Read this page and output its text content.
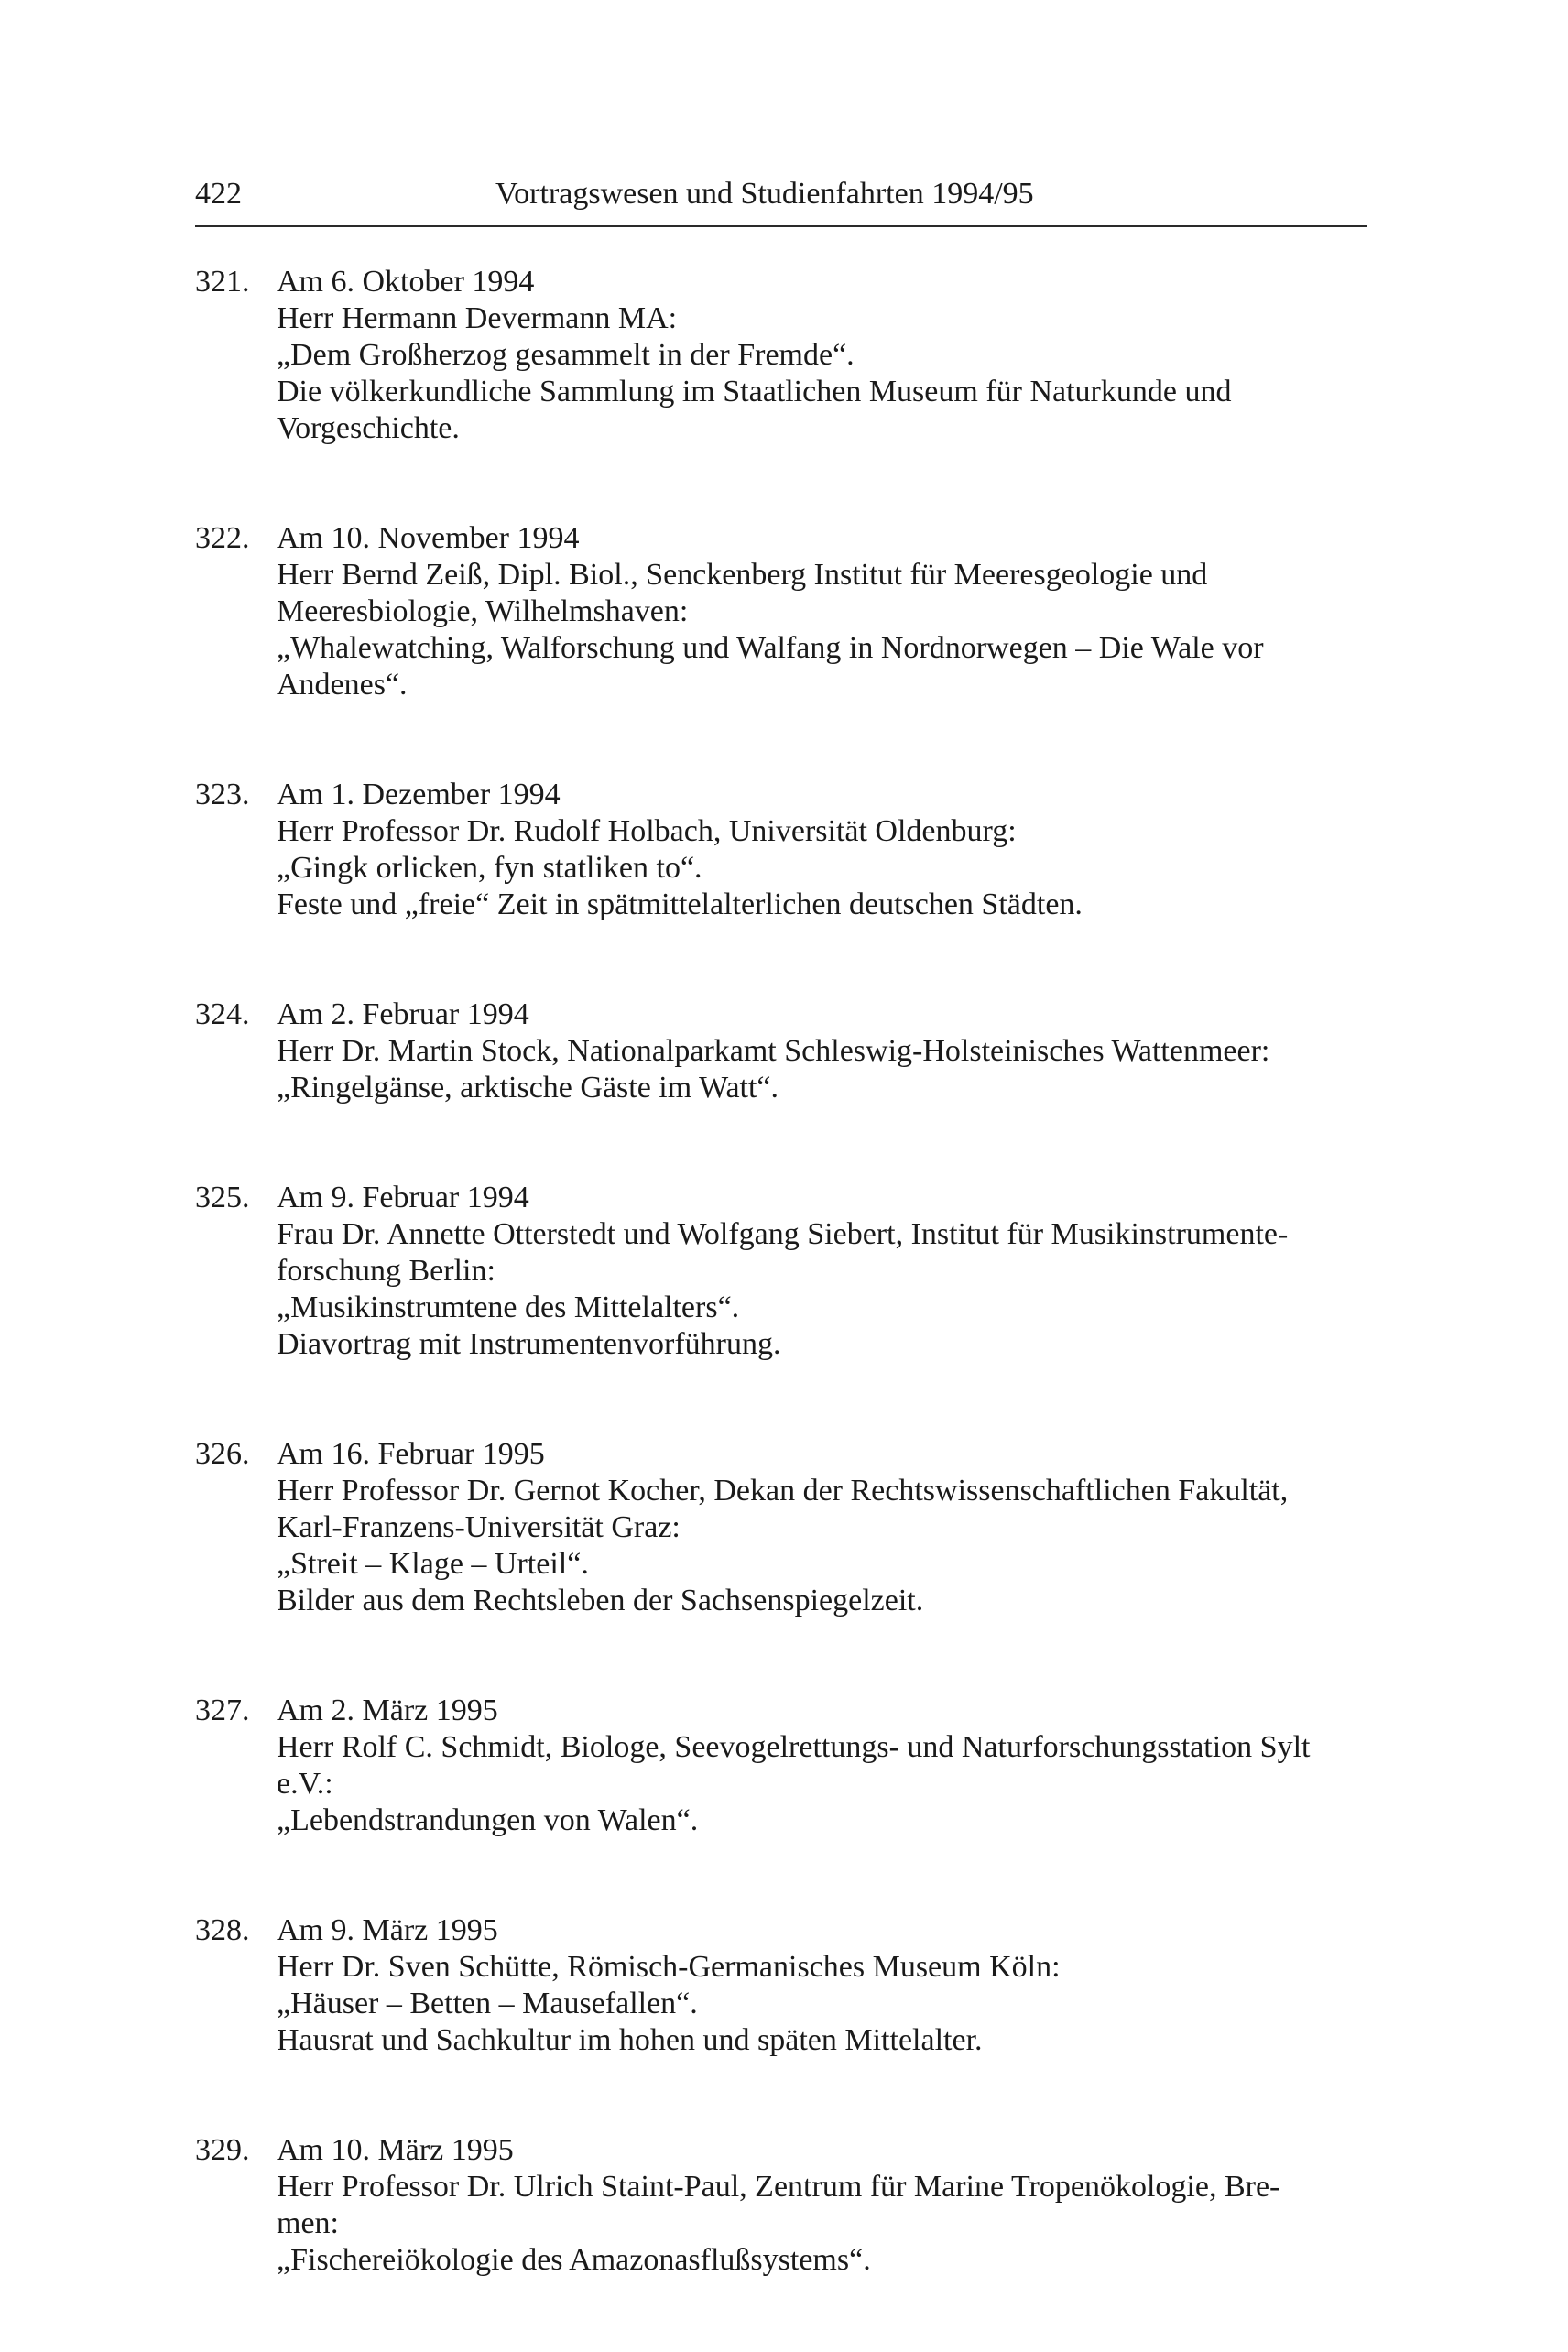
422	Vortragswesen und Studienfahrten 1994/95
321. Am 6. Oktober 1994
Herr Hermann Devermann MA:
„Dem Großherzog gesammelt in der Fremde“.
Die völkerkundliche Sammlung im Staatlichen Museum für Naturkunde und
Vorgeschichte.
322. Am 10. November 1994
Herr Bernd Zeiß, Dipl. Biol., Senckenberg Institut für Meeresgeologie und
Meeresbiologie, Wilhelmshaven:
„Whalewatching, Walforschung und Walfang in Nordnorwegen – Die Wale vor
Andenes“.
323. Am 1. Dezember 1994
Herr Professor Dr. Rudolf Holbach, Universität Oldenburg:
„Gingk orlicken, fyn statliken to“.
Feste und „freie“ Zeit in spätmittelalterlichen deutschen Städten.
324. Am 2. Februar 1994
Herr Dr. Martin Stock, Nationalparkamt Schleswig-Holsteinisches Wattenmeer:
„Ringelgänse, arktische Gäste im Watt“.
325. Am 9. Februar 1994
Frau Dr. Annette Otterstedt und Wolfgang Siebert, Institut für Musikinstrumente-
forschung Berlin:
„Musikinstrumtene des Mittelalters“.
Diavortrag mit Instrumentenvorführung.
326. Am 16. Februar 1995
Herr Professor Dr. Gernot Kocher, Dekan der Rechtswissenschaftlichen Fakultät,
Karl-Franzens-Universität Graz:
„Streit – Klage – Urteil“.
Bilder aus dem Rechtsleben der Sachsenspiegelzeit.
327. Am 2. März 1995
Herr Rolf C. Schmidt, Biologe, Seevogelrettungs- und Naturforschungsstation Sylt
e.V.:
„Lebendstrandungen von Walen“.
328. Am 9. März 1995
Herr Dr. Sven Schütte, Römisch-Germanisches Museum Köln:
„Häuser – Betten – Mausefallen“.
Hausrat und Sachkultur im hohen und späten Mittelalter.
329. Am 10. März 1995
Herr Professor Dr. Ulrich Staint-Paul, Zentrum für Marine Tropenökologie, Bre-
men:
„Fischereiökologie des Amazonasflußsystems“.
